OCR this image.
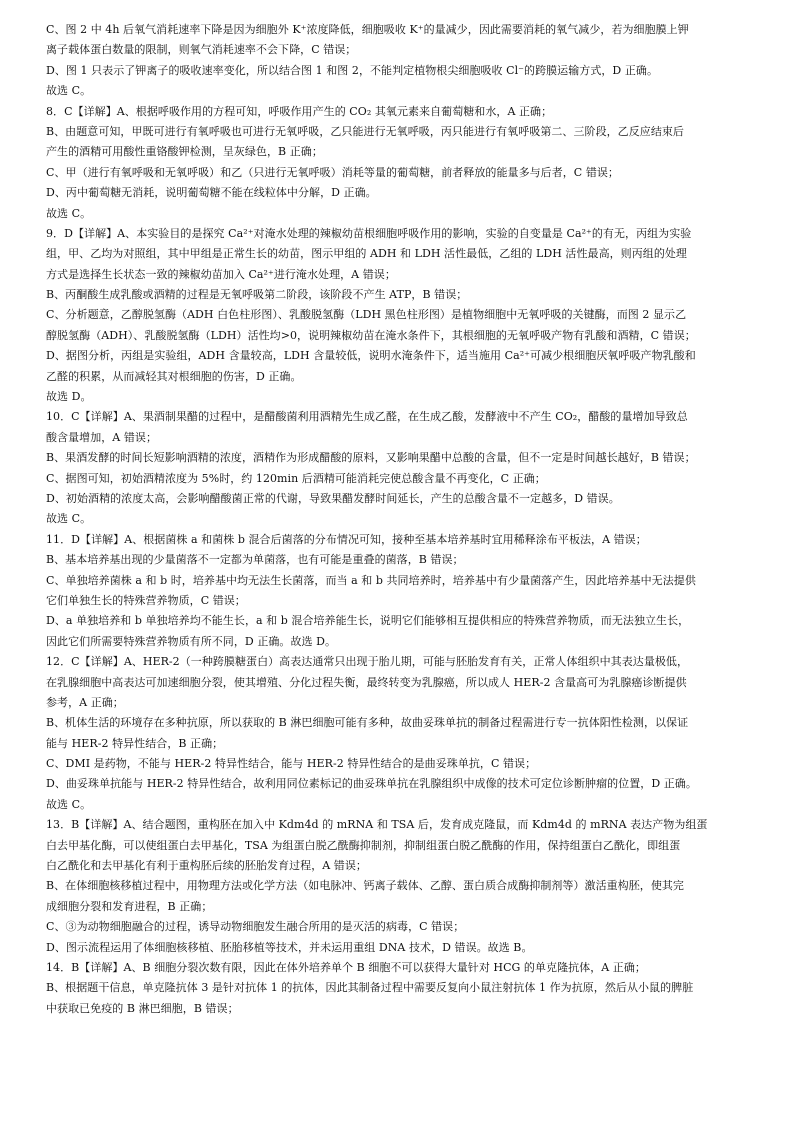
C、图 2 中 4h 后氧气消耗速率下降是因为细胞外 K⁺浓度降低，细胞吸收 K⁺的量减少，因此需要消耗的氧气减少，若为细胞膜上钾
离子载体蛋白数量的限制，则氧气消耗速率不会下降，C 错误；
D、图 1 只表示了钾离子的吸收速率变化，所以结合图 1 和图 2，不能判定植物根尖细胞吸收 Cl⁻的跨膜运输方式，D 正确。
故选 C。
8．C【详解】A、根据呼吸作用的方程可知，呼吸作用产生的 CO₂ 其氧元素来自葡萄糖和水，A 正确；
B、由题意可知，甲既可进行有氧呼吸也可进行无氧呼吸，乙只能进行无氧呼吸，丙只能进行有氧呼吸第二、三阶段，乙反应结束后
产生的酒精可用酸性重铬酸钾检测，呈灰绿色，B 正确；
C、甲（进行有氧呼吸和无氧呼吸）和乙（只进行无氧呼吸）消耗等量的葡萄糖，前者释放的能量多与后者，C 错误；
D、丙中葡萄糖无消耗，说明葡萄糖不能在线粒体中分解，D 正确。
故选 C。
9．D【详解】A、本实验目的是探究 Ca²⁺对淹水处理的辣椒幼苗根细胞呼吸作用的影响，实验的自变量是 Ca²⁺的有无，丙组为实验
组，甲、乙均为对照组，其中甲组是正常生长的幼苗，图示甲组的 ADH 和 LDH 活性最低，乙组的 LDH 活性最高，则丙组的处理
方式是选择生长状态一致的辣椒幼苗加入 Ca²⁺进行淹水处理，A 错误；
B、丙酮酸生成乳酸或酒精的过程是无氧呼吸第二阶段，该阶段不产生 ATP，B 错误；
C、分析题意，乙醇脱氢酶（ADH 白色柱形图）、乳酸脱氢酶（LDH 黑色柱形图）是植物细胞中无氧呼吸的关键酶，而图 2 显示乙
醇脱氢酶（ADH）、乳酸脱氢酶（LDH）活性均>0，说明辣椒幼苗在淹水条件下，其根细胞的无氧呼吸产物有乳酸和酒精，C 错误；
D、据图分析，丙组是实验组，ADH 含量较高，LDH 含量较低，说明水淹条件下，适当施用 Ca²⁺可减少根细胞厌氧呼吸产物乳酸和
乙醛的积累，从而减轻其对根细胞的伤害，D 正确。
故选 D。
10．C【详解】A、果酒制果醋的过程中，是醋酸菌利用酒精先生成乙醛，在生成乙酸，发酵液中不产生 CO₂，醋酸的量增加导致总
酸含量增加，A 错误；
B、果酒发酵的时间长短影响酒精的浓度，酒精作为形成醋酸的原料，又影响果醋中总酸的含量，但不一定是时间越长越好，B 错误；
C、据图可知，初始酒精浓度为 5%时，约 120min 后酒精可能消耗完使总酸含量不再变化，C 正确；
D、初始酒精的浓度太高，会影响醋酸菌正常的代谢，导致果醋发酵时间延长，产生的总酸含量不一定越多，D 错误。
故选 C。
11．D【详解】A、根据菌株 a 和菌株 b 混合后菌落的分布情况可知，接种至基本培养基时宜用稀释涂布平板法，A 错误；
B、基本培养基出现的少量菌落不一定都为单菌落，也有可能是重叠的菌落，B 错误；
C、单独培养菌株 a 和 b 时，培养基中均无法生长菌落，而当 a 和 b 共同培养时，培养基中有少量菌落产生，因此培养基中无法提供
它们单独生长的特殊营养物质，C 错误；
D、a 单独培养和 b 单独培养均不能生长，a 和 b 混合培养能生长，说明它们能够相互提供相应的特殊营养物质，而无法独立生长，
因此它们所需要特殊营养物质有所不同，D 正确。故选 D。
12．C【详解】A、HER-2（一种跨膜糖蛋白）高表达通常只出现于胎儿期，可能与胚胎发育有关，正常人体组织中其表达量极低，
在乳腺细胞中高表达可加速细胞分裂，使其增殖、分化过程失衡，最终转变为乳腺癌，所以成人 HER-2 含量高可为乳腺癌诊断提供
参考，A 正确；
B、机体生活的环境存在多种抗原，所以获取的 B 淋巴细胞可能有多种，故曲妥珠单抗的制备过程需进行专一抗体阳性检测，以保证
能与 HER-2 特异性结合，B 正确；
C、DMI 是药物，不能与 HER-2 特异性结合，能与 HER-2 特异性结合的是曲妥珠单抗，C 错误；
D、曲妥珠单抗能与 HER-2 特异性结合，故利用同位素标记的曲妥珠单抗在乳腺组织中成像的技术可定位诊断肿瘤的位置，D 正确。
故选 C。
13．B【详解】A、结合题图，重构胚在加入中 Kdm4d 的 mRNA 和 TSA 后，发育成克隆鼠，而 Kdm4d 的 mRNA 表达产物为组蛋
白去甲基化酶，可以使组蛋白去甲基化，TSA 为组蛋白脱乙酰酶抑制剂，抑制组蛋白脱乙酰酶的作用，保持组蛋白乙酰化，即组蛋
白乙酰化和去甲基化有利于重构胚后续的胚胎发育过程，A 错误；
B、在体细胞核移植过程中，用物理方法或化学方法（如电脉冲、钙离子载体、乙醇、蛋白质合成酶抑制剂等）激活重构胚，使其完
成细胞分裂和发育进程，B 正确；
C、③为动物细胞融合的过程，诱导动物细胞发生融合所用的是灭活的病毒，C 错误；
D、图示流程运用了体细胞核移植、胚胎移植等技术，并未运用重组 DNA 技术，D 错误。故选 B。
14．B【详解】A、B 细胞分裂次数有限，因此在体外培养单个 B 细胞不可以获得大量针对 HCG 的单克隆抗体，A 正确；
B、根据题干信息，单克隆抗体 3 是针对抗体 1 的抗体，因此其制备过程中需要反复向小鼠注射抗体 1 作为抗原，然后从小鼠的脾脏
中获取已免疫的 B 淋巴细胞，B 错误；
